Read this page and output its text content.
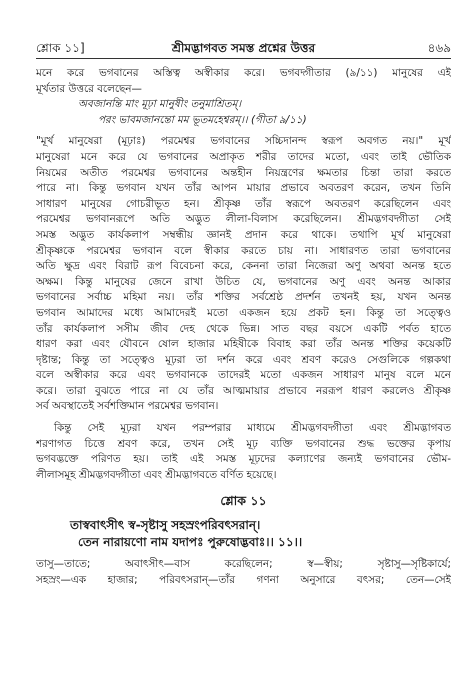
শ্লোক ১১]	শ্রীমদ্ভাগবত সমস্ত প্রশ্নের উত্তর	৪৬৯
মনে করে ভগবানের অস্তিত্ব অস্বীকার করে। ভগবদ্গীতার (৯/১১) মানুষের এই
মূর্খতার উত্তরে বলেছেন—
অবজানন্তি মাং মূঢ়া মানুষীং তনুমাশ্রিতম্।
পরং ভাবমজানন্তো মম ভূতমহেশ্বরম্।। (গীতা ৯/১১)
"মূর্খ মানুষেরা (মূঢ়াঃ) পরমেশ্বর ভগবানের সচ্চিদানন্দ স্বরূপ অবগত নয়।" মূর্খ
মানুষেরা মনে করে যে ভগবানের অপ্রাকৃত শরীর তাদের মতো, এবং তাই ভৌতিক
নিয়মের অতীত পরমেশ্বর ভগবানের অন্তহীন নিয়ন্ত্রণের ক্ষমতার চিন্তা তারা করতে
পারে না। কিন্তু ভগবান যখন তাঁর আপন মায়ার প্রভাবে অবতরণ করেন, তখন তিনি
সাধারণ মানুষের গোচরীভূত হন। শ্রীকৃষ্ণ তাঁর স্বরূপে অবতরণ করেছিলেন এবং
পরমেশ্বর ভগবানরূপে অতি অদ্ভুত লীলা-বিলাস করেছিলেন। শ্রীমদ্ভগবদ্গীতা সেই
সমস্ত অদ্ভুত কার্যকলাপ সম্বন্ধীয় জ্ঞানই প্রদান করে থাকে। তথাপি মূর্খ মানুষেরা
শ্রীকৃষ্ণকে পরমেশ্বর ভগবান বলে স্বীকার করতে চায় না। সাধারণত তারা ভগবানের
অতি ক্ষুদ্র এবং বিরাট রূপ বিবেচনা করে, কেননা তারা নিজেরা অণু অথবা অনন্ত হতে
অক্ষম। কিন্তু মানুষের জেনে রাখা উচিত যে, ভগবানের অণু এবং অনন্ত আকার
ভগবানের সর্বাচ্চ মহিমা নয়। তাঁর শক্তির সর্বশ্রেষ্ঠ প্রদর্শন তখনই হয়, যখন অনন্ত
ভগবান আমাদের মধ্যে আমাদেরই মতো একজন হয়ে প্রকট হন। কিন্তু তা সত্ত্বেও
তাঁর কার্যকলাপ সসীম জীব দেহ থেকে ভিন্ন। সাত বছর বয়সে একটি পর্বত হাতে
ধারণ করা এবং যৌবনে ষোল হাজার মহিষীকে বিবাহ করা তাঁর অনন্ত শক্তির কয়েকটি
দৃষ্টান্ত; কিন্তু তা সত্ত্বেও মূঢ়রা তা দর্শন করে এবং শ্রবণ করেও সেগুলিকে গল্পকথা
বলে অস্বীকার করে এবং ভগবানকে তাদেরই মতো একজন সাধারণ মানুষ বলে মনে
করে। তারা বুঝতে পারে না যে তাঁর আত্মমায়ার প্রভাবে নররূপ ধারণ করলেও শ্রীকৃষ্ণ
সর্ব অবস্থাতেই সর্বশক্তিমান পরমেশ্বর ভগবান।
কিন্তু সেই মূঢ়রা যখন পরম্পরার মাধ্যমে শ্রীমদ্ভগবদ্গীতা এবং শ্রীমদ্ভাগবত
শরণাগত চিত্তে শ্রবণ করে, তখন সেই মূঢ় ব্যক্তি ভগবানের শুদ্ধ ভক্তের কৃপায়
ভগবদ্ভক্তে পরিণত হয়। তাই এই সমস্ত মূঢ়দের কল্যাণের জন্যই ভগবানের ভৌম-
লীলাসমূহ শ্রীমদ্ভগবদ্গীতা এবং শ্রীমদ্ভাগবতে বর্ণিত হয়েছে।
শ্লোক ১১
তাস্ববাৎসীৎ স্ব-সৃষ্টাসু সহস্রংপরিবৎসরান্।
তেন নারায়ণো নাম যদাপঃ পুরুষোদ্ভবাঃ।। ১১।।
তাসু—তাতে; অবাৎসীৎ—বাস করেছিলেন; স্ব—স্বীয়; সৃষ্টাসু—সৃষ্টিকার্যে;
সহস্রং—এক হাজার; পরিবৎসরান্—তাঁর গণনা অনুসারে বৎসর; তেন—সেই
